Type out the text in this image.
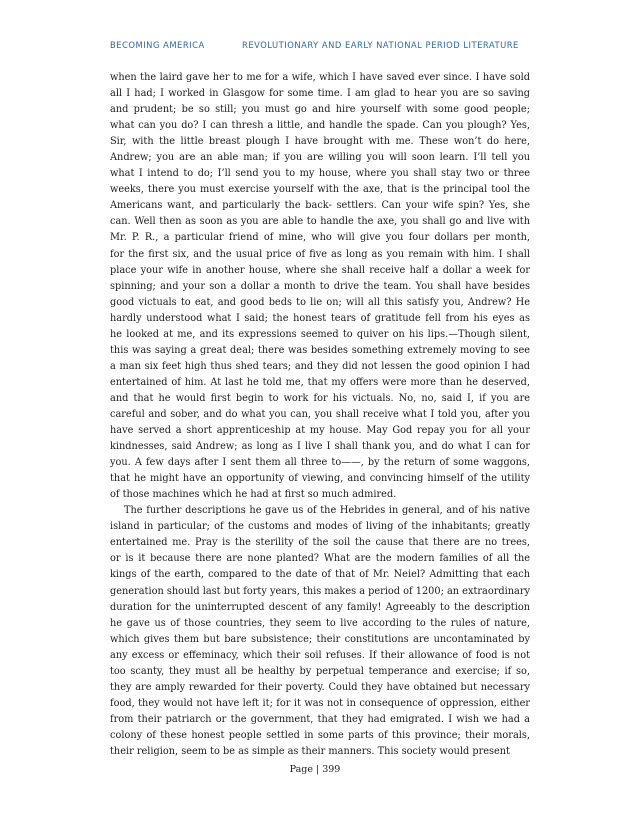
BECOMING AMERICA	REVOLUTIONARY AND EARLY NATIONAL PERIOD LITERATURE

when the laird gave her to me for a wife, which I have saved ever since. I have sold
all I had; I worked in Glasgow for some time. I am glad to hear you are so saving
and prudent; be so still; you must go and hire yourself with some good people;
what can you do? I can thresh a little, and handle the spade. Can you plough? Yes,
Sir, with the little breast plough I have brought with me. These won’t do here,
Andrew; you are an able man; if you are willing you will soon learn. I’ll tell you
what I intend to do; I’ll send you to my house, where you shall stay two or three
weeks, there you must exercise yourself with the axe, that is the principal tool the
Americans want, and particularly the back- settlers. Can your wife spin? Yes, she
can. Well then as soon as you are able to handle the axe, you shall go and live with
Mr. P. R., a particular friend of mine, who will give you four dollars per month,
for the first six, and the usual price of five as long as you remain with him. I shall
place your wife in another house, where she shall receive half a dollar a week for
spinning; and your son a dollar a month to drive the team. You shall have besides
good victuals to eat, and good beds to lie on; will all this satisfy you, Andrew? He
hardly understood what I said; the honest tears of gratitude fell from his eyes as
he looked at me, and its expressions seemed to quiver on his lips.—Though silent,
this was saying a great deal; there was besides something extremely moving to see
a man six feet high thus shed tears; and they did not lessen the good opinion I had
entertained of him. At last he told me, that my offers were more than he deserved,
and that he would first begin to work for his victuals. No, no, said I, if you are
careful and sober, and do what you can, you shall receive what I told you, after you
have served a short apprenticeship at my house. May God repay you for all your
kindnesses, said Andrew; as long as I live I shall thank you, and do what I can for
you. A few days after I sent them all three to——, by the return of some waggons,
that he might have an opportunity of viewing, and convincing himself of the utility
of those machines which he had at first so much admired.

The further descriptions he gave us of the Hebrides in general, and of his native
island in particular; of the customs and modes of living of the inhabitants; greatly
entertained me. Pray is the sterility of the soil the cause that there are no trees,
or is it because there are none planted? What are the modern families of all the
kings of the earth, compared to the date of that of Mr. Neiel? Admitting that each
generation should last but forty years, this makes a period of 1200; an extraordinary
duration for the uninterrupted descent of any family! Agreeably to the description
he gave us of those countries, they seem to live according to the rules of nature,
which gives them but bare subsistence; their constitutions are uncontaminated by
any excess or effeminacy, which their soil refuses. If their allowance of food is not
too scanty, they must all be healthy by perpetual temperance and exercise; if so,
they are amply rewarded for their poverty. Could they have obtained but necessary
food, they would not have left it; for it was not in consequence of oppression, either
from their patriarch or the government, that they had emigrated. I wish we had a
colony of these honest people settled in some parts of this province; their morals,
their religion, seem to be as simple as their manners. This society would present

Page | 399
